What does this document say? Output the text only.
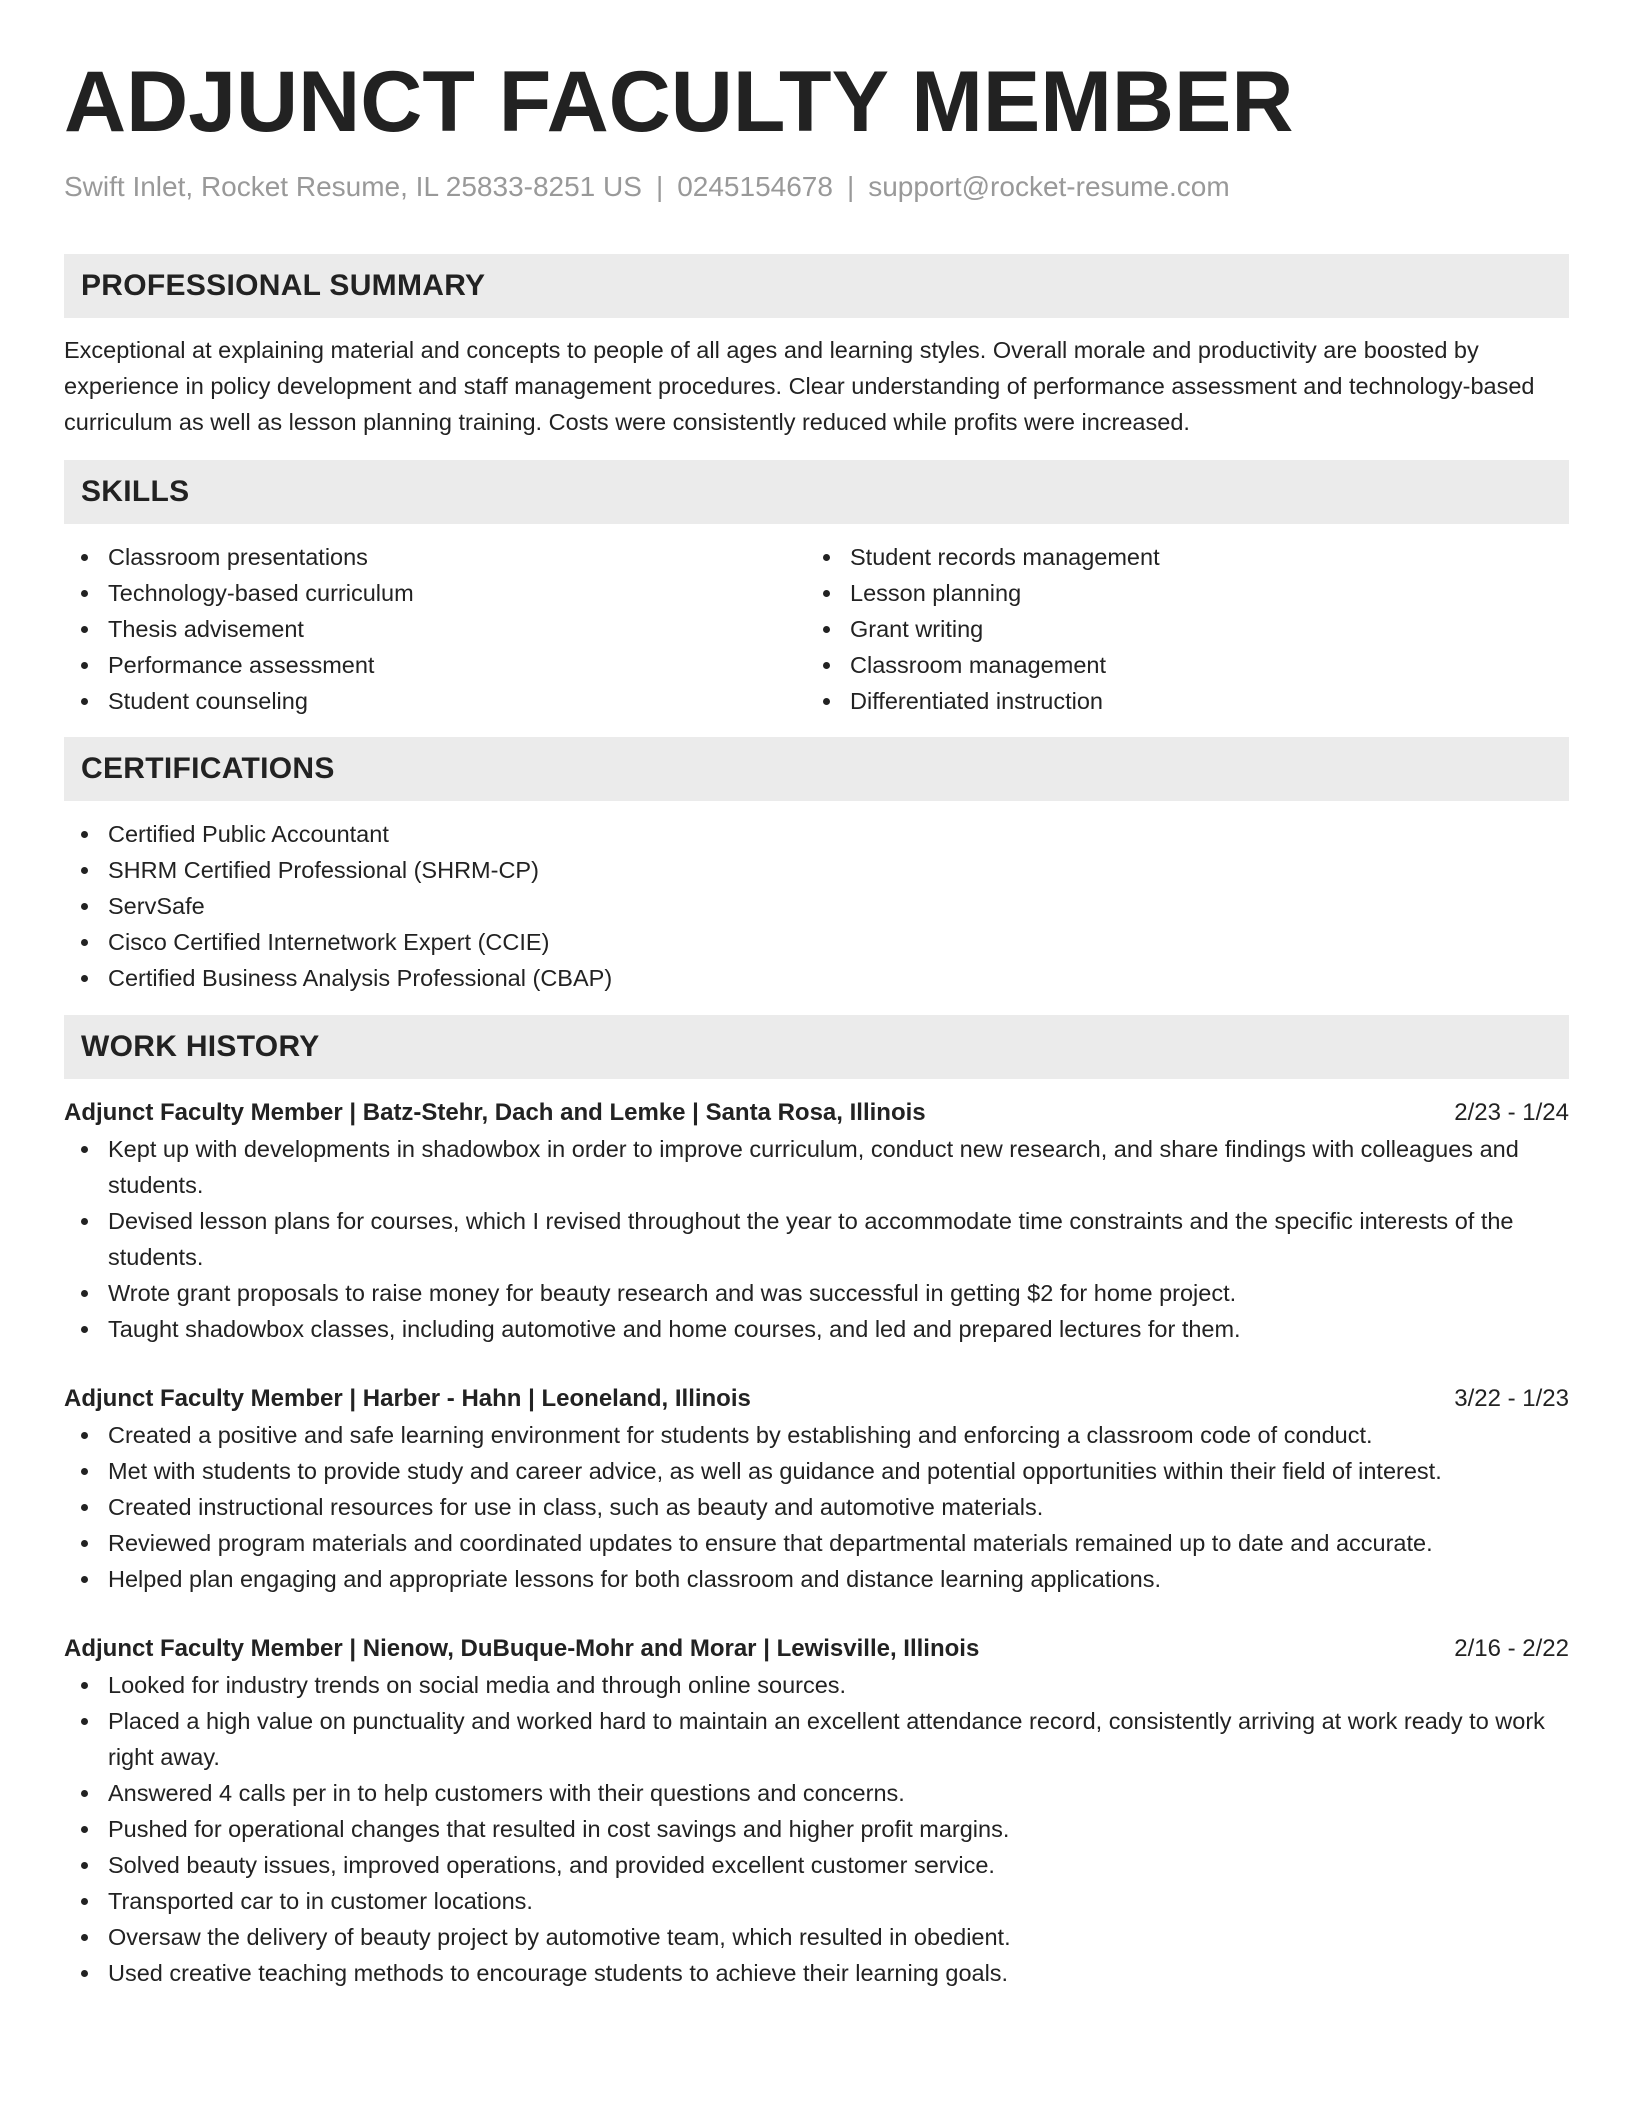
ADJUNCT FACULTY MEMBER
Swift Inlet, Rocket Resume, IL 25833-8251 US | 0245154678 | support@rocket-resume.com
PROFESSIONAL SUMMARY

Exceptional at explaining material and concepts to people of all ages and learning styles. Overall morale and productivity are boosted by experience in policy development and staff management procedures. Clear understanding of performance assessment and technology-based curriculum as well as lesson planning training. Costs were consistently reduced while profits were increased.

SKILLS
Classroom presentations
Technology-based curriculum
Thesis advisement
Performance assessment
Student counseling
Student records management
Lesson planning
Grant writing
Classroom management
Differentiated instruction
CERTIFICATIONS
Certified Public Accountant
SHRM Certified Professional (SHRM-CP)
ServSafe
Cisco Certified Internetwork Expert (CCIE)
Certified Business Analysis Professional (CBAP)
WORK HISTORY
Adjunct Faculty Member | Batz-Stehr, Dach and Lemke | Santa Rosa, Illinois	2/23 - 1/24
Kept up with developments in shadowbox in order to improve curriculum, conduct new research, and share findings with colleagues and students.
Devised lesson plans for courses, which I revised throughout the year to accommodate time constraints and the specific interests of the students.
Wrote grant proposals to raise money for beauty research and was successful in getting $2 for home project.
Taught shadowbox classes, including automotive and home courses, and led and prepared lectures for them.
Adjunct Faculty Member | Harber - Hahn | Leoneland, Illinois	3/22 - 1/23
Created a positive and safe learning environment for students by establishing and enforcing a classroom code of conduct.
Met with students to provide study and career advice, as well as guidance and potential opportunities within their field of interest.
Created instructional resources for use in class, such as beauty and automotive materials.
Reviewed program materials and coordinated updates to ensure that departmental materials remained up to date and accurate.
Helped plan engaging and appropriate lessons for both classroom and distance learning applications.
Adjunct Faculty Member | Nienow, DuBuque-Mohr and Morar | Lewisville, Illinois	2/16 - 2/22
Looked for industry trends on social media and through online sources.
Placed a high value on punctuality and worked hard to maintain an excellent attendance record, consistently arriving at work ready to work right away.
Answered 4 calls per in to help customers with their questions and concerns.
Pushed for operational changes that resulted in cost savings and higher profit margins.
Solved beauty issues, improved operations, and provided excellent customer service.
Transported car to in customer locations.
Oversaw the delivery of beauty project by automotive team, which resulted in obedient.
Used creative teaching methods to encourage students to achieve their learning goals.
